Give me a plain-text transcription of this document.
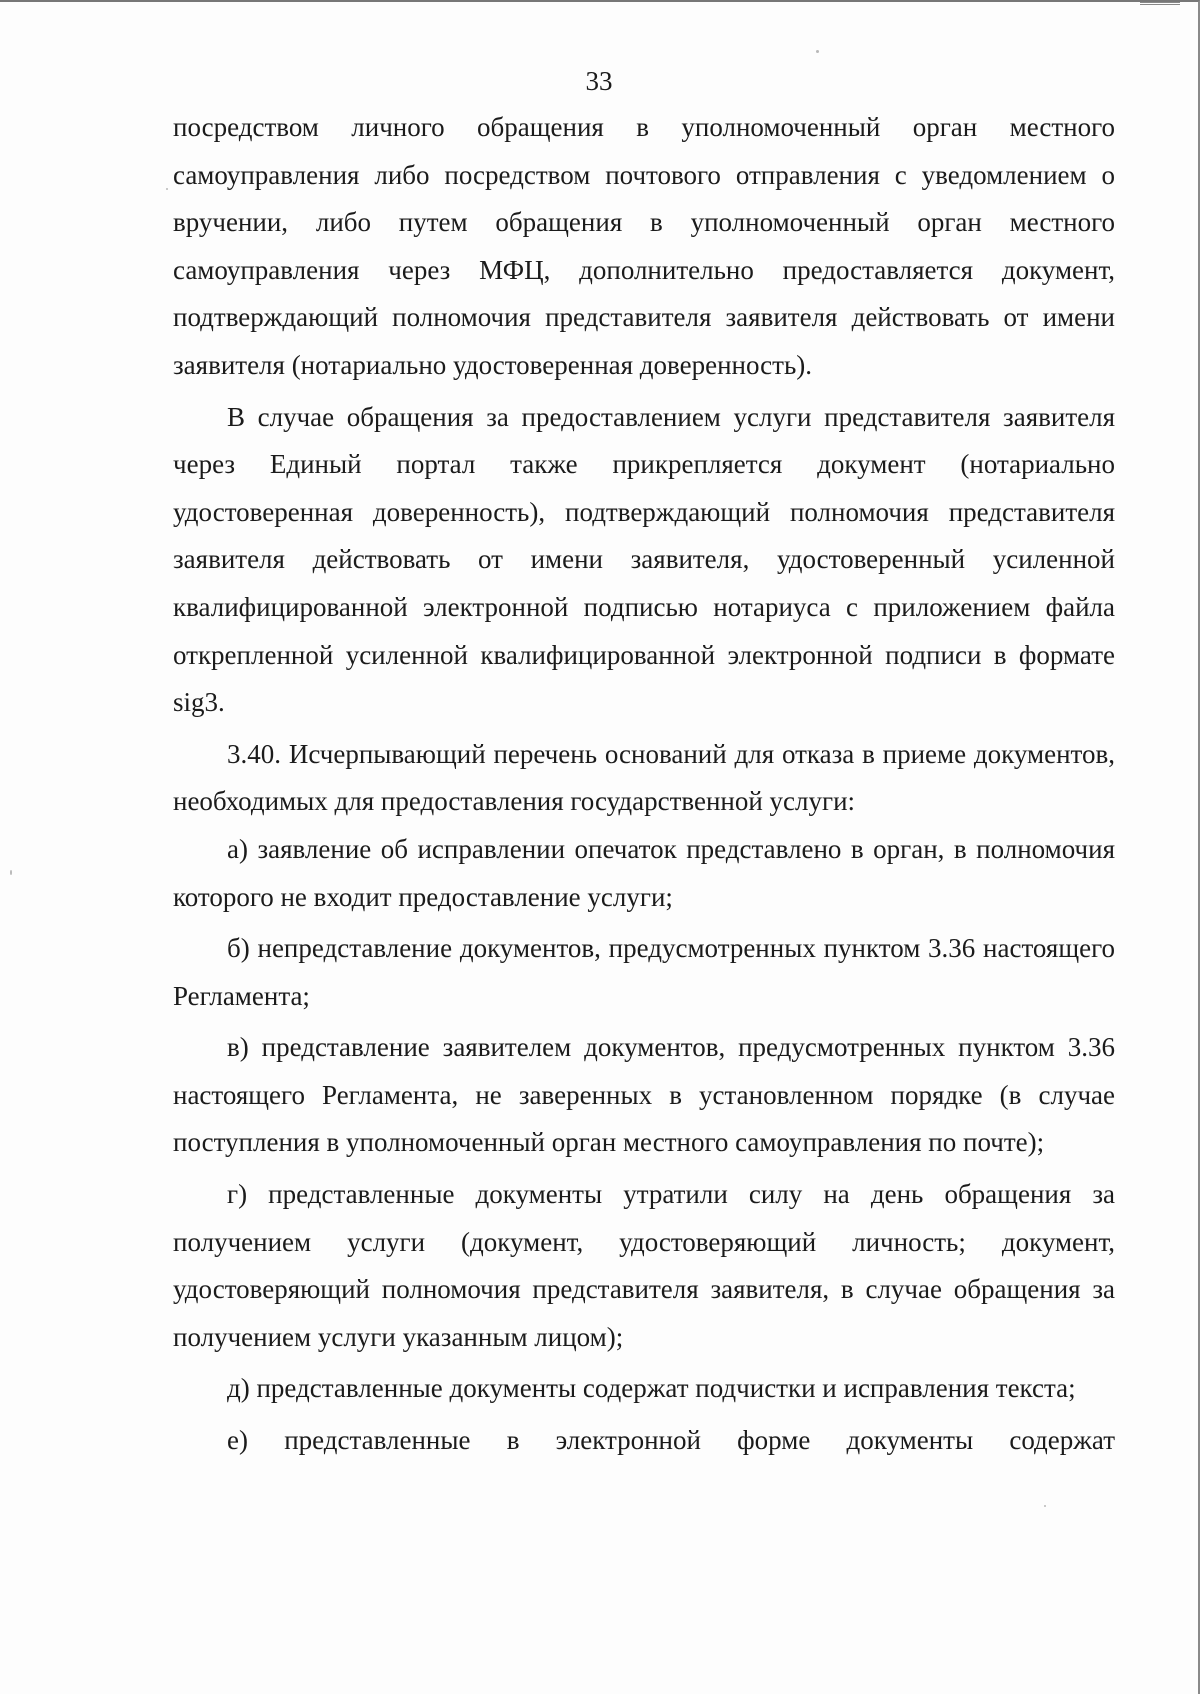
33

посредством личного обращения в уполномоченный орган местного самоуправления либо посредством почтового отправления с уведомлением о вручении, либо путем обращения в уполномоченный орган местного самоуправления через МФЦ, дополнительно предоставляется документ, подтверждающий полномочия представителя заявителя действовать от имени заявителя (нотариально удостоверенная доверенность).

В случае обращения за предоставлением услуги представителя заявителя через Единый портал также прикрепляется документ (нотариально удостоверенная доверенность), подтверждающий полномочия представителя заявителя действовать от имени заявителя, удостоверенный усиленной квалифицированной электронной подписью нотариуса с приложением файла открепленной усиленной квалифицированной электронной подписи в формате sig3.

3.40. Исчерпывающий перечень оснований для отказа в приеме документов, необходимых для предоставления государственной услуги:

а) заявление об исправлении опечаток представлено в орган, в полномочия которого не входит предоставление услуги;

б) непредставление документов, предусмотренных пунктом 3.36 настоящего Регламента;

в) представление заявителем документов, предусмотренных пунктом 3.36 настоящего Регламента, не заверенных в установленном порядке (в случае поступления в уполномоченный орган местного самоуправления по почте);

г) представленные документы утратили силу на день обращения за получением услуги (документ, удостоверяющий личность; документ, удостоверяющий полномочия представителя заявителя, в случае обращения за получением услуги указанным лицом);

д) представленные документы содержат подчистки и исправления текста;

е) представленные в электронной форме документы содержат
